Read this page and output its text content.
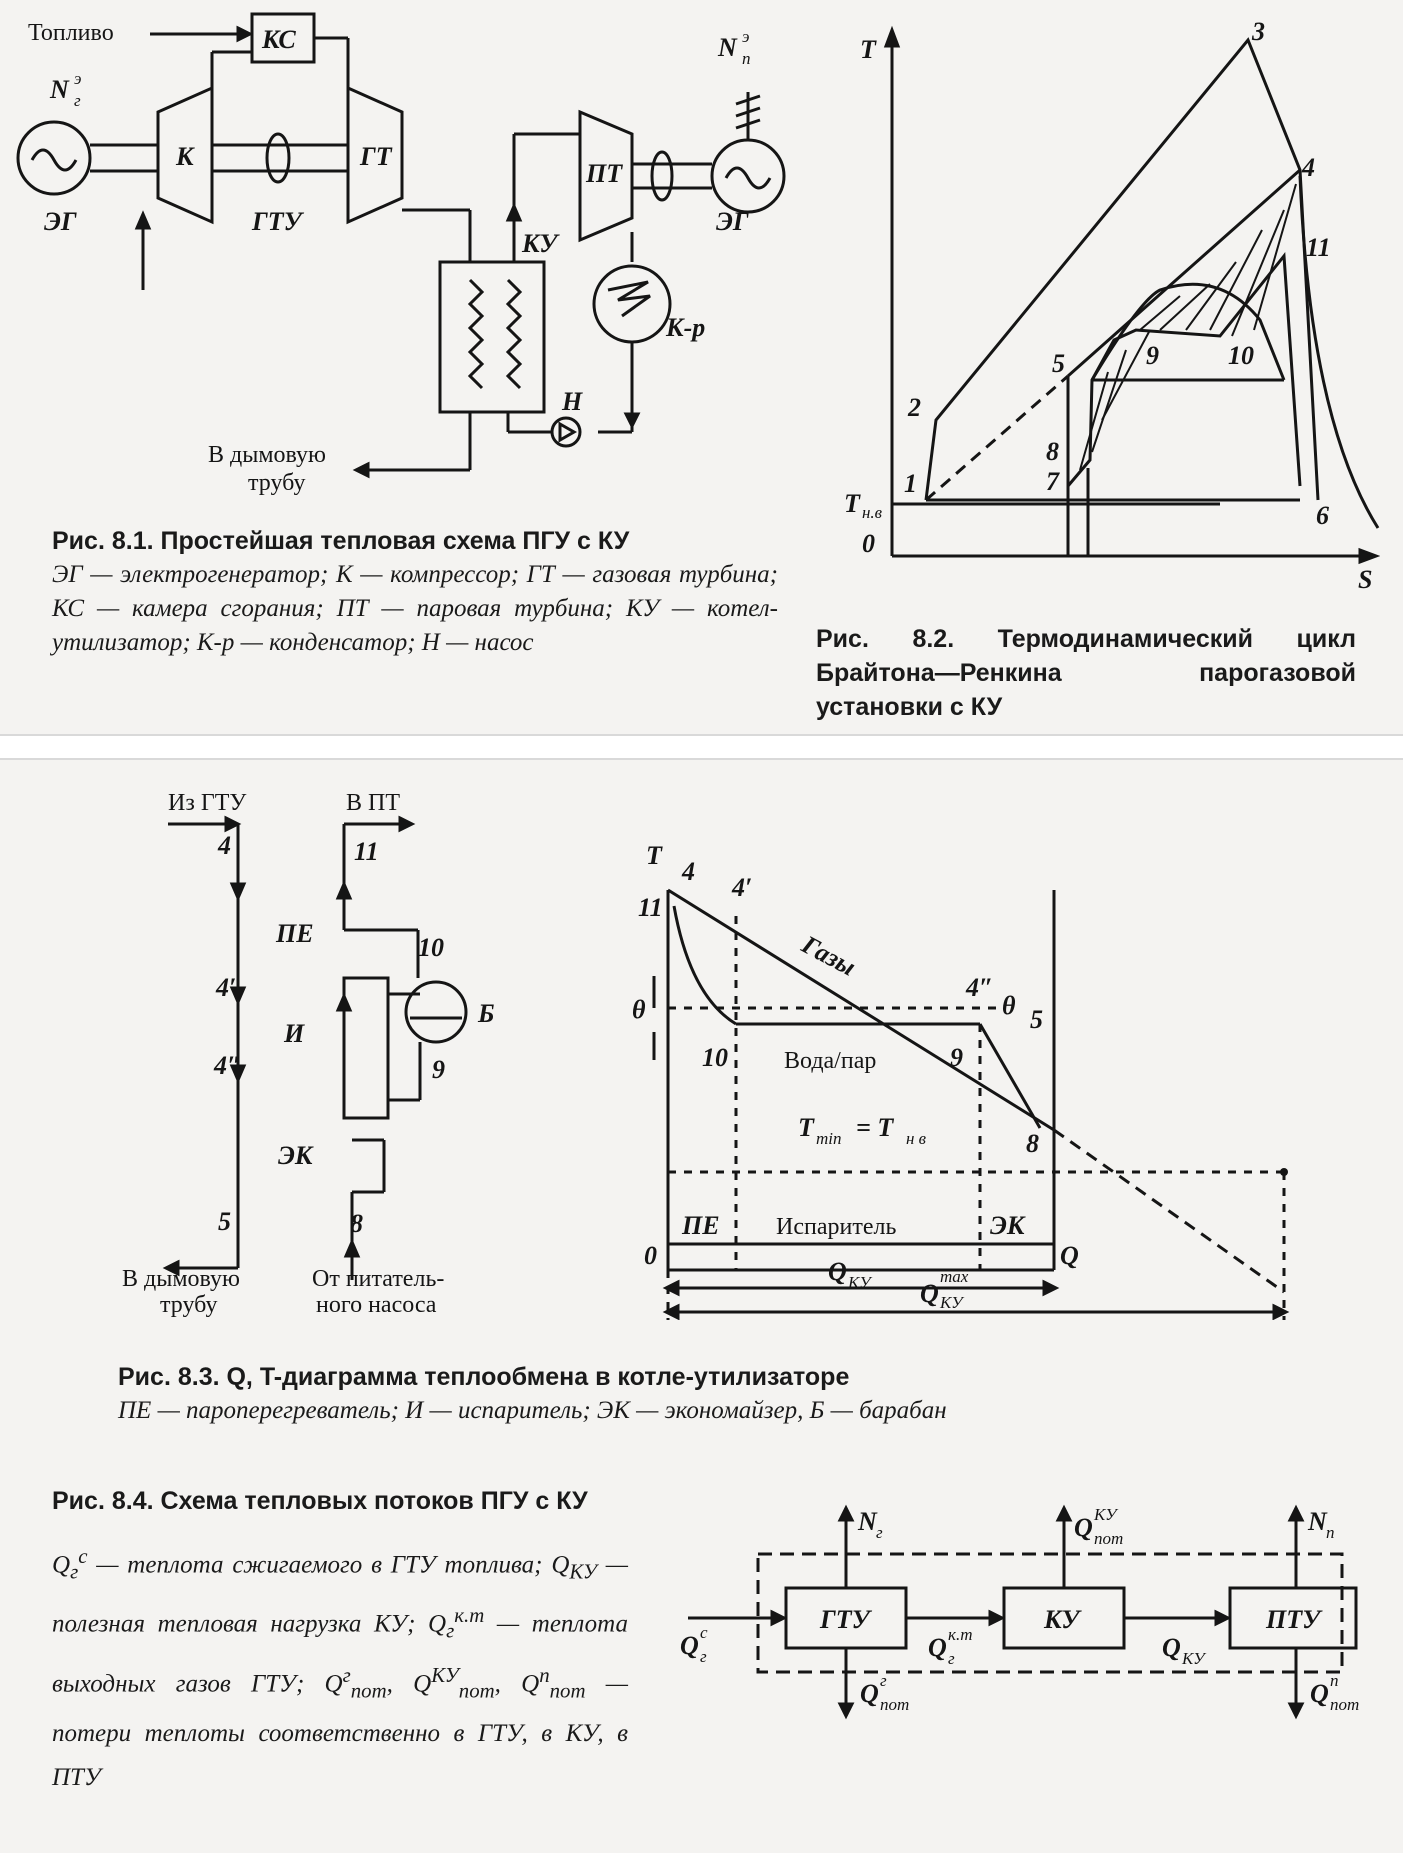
Топливо	КС
N э
г
К	ГТ
ПТ
N э
п
ЭГ	ЭГ
ГТУ
КУ
К-р
Н
В дымовую
трубу
Рис. 8.1. Простейшая тепловая схема ПГУ с КУ
ЭГ — электрогенератор; К — компрессор; ГТ — газовая турбина; КС — камера сгорания; ПТ — паровая турбина; КУ — котел-утилизатор; К-р — конденсатор; Н — насос
T
S
0
T н.в
1
2
3
4
5
6
7
8
9	10
11
Рис. 8.2. Термодинамический цикл Брайтона—Ренкина парогазовой установки с КУ
Из ГТУ	В ПТ
4	11
ПЕ	10
4′
И
Б
9
4″
ЭК
5	8
В дымовую
трубу
От питатель-
ного насоса
T
Q
0
θ
4
4′
11
Газы
4″
θ 5
10 Вода/пар	9
T min = T н в	8
ПЕ Испаритель	ЭК
Q КУ Q
max
КУ
Рис. 8.3. Q, T-диаграмма теплообмена в котле-утилизаторе
ПЕ — пароперегреватель; И — испаритель; ЭК — экономайзер, Б — барабан
Рис. 8.4. Схема тепловых потоков ПГУ с КУ
$Q_г^с$ — теплота сжигаемого в ГТУ топлива; $Q_{КУ}$ — полезная тепловая нагрузка КУ; $Q_г^{к.т}$ — теплота выходных газов ГТУ; $Q^г_{пот}$, $Q^{КУ}_{пот}$, $Q^п_{пот}$ — потери теплоты соответственно в ГТУ, в КУ, в ПТУ
ГТУ	КУ	ПТУ
N г	N п
Q КУ
пот
Q с
г	Q к.т
г	Q КУ
Q г
пот	Q п
пот
